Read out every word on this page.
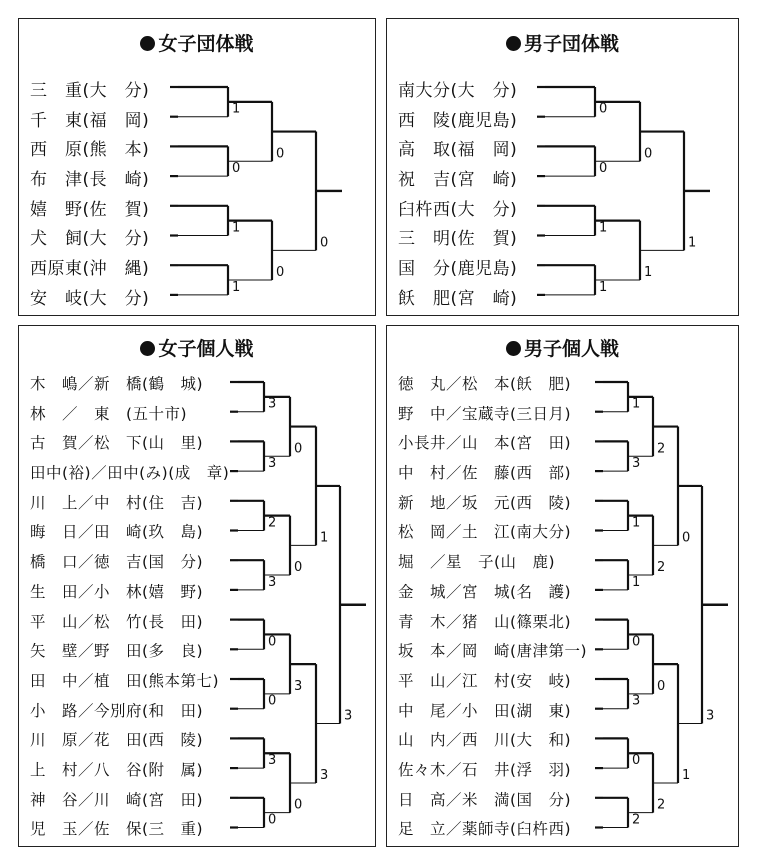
女子団体戦	男子団体戦
女子個人戦	男子個人戦
三　重(大　分)
千　東(福　岡)
西　原(熊　本)
布　津(長　崎)
嬉　野(佐　賀)
犬　飼(大　分)
西原東(沖　縄)
安　岐(大　分)
南大分(大　分)
西　陵(鹿児島)
高　取(福　岡)
祝　吉(宮　崎)
臼杵西(大　分)
三　明(佐　賀)
国　分(鹿児島)
飫　肥(宮　崎)
木　嶋／新　橋(鶴　城)
林　／　東　(五十市)
古　賀／松　下(山　里)
田中(裕)／田中(み)(成　章)
川　上／中　村(住　吉)
晦　日／田　崎(玖　島)
橋　口／徳　吉(国　分)
生　田／小　林(嬉　野)
平　山／松　竹(長　田)
矢　壁／野　田(多　良)
田　中／植　田(熊本第七)
小　路／今別府(和　田)
川　原／花　田(西　陵)
上　村／八　谷(附　属)
神　谷／川　崎(宮　田)
児　玉／佐　保(三　重)
徳　丸／松　本(飫　肥)
野　中／宝蔵寺(三日月)
小長井／山　本(宮　田)
中　村／佐　藤(西　部)
新　地／坂　元(西　陵)
松　岡／土　江(南大分)
堀　／星　子(山　鹿)
金　城／宮　城(名　護)
青　木／猪　山(篠栗北)
坂　本／岡　崎(唐津第一)
平　山／江　村(安　岐)
中　尾／小　田(湖　東)
山　内／西　川(大　和)
佐々木／石　井(浮　羽)
日　高／米　満(国　分)
足　立／薬師寺(臼杵西)
1
0
1
1
0
0
0
0
0
1
1
0
1
1
3
3
2
3
0
0
3
0
0
0
3
0
1
3
3
1
3
1
1
0
3
0
2
2
2
0
2
0
1
3
